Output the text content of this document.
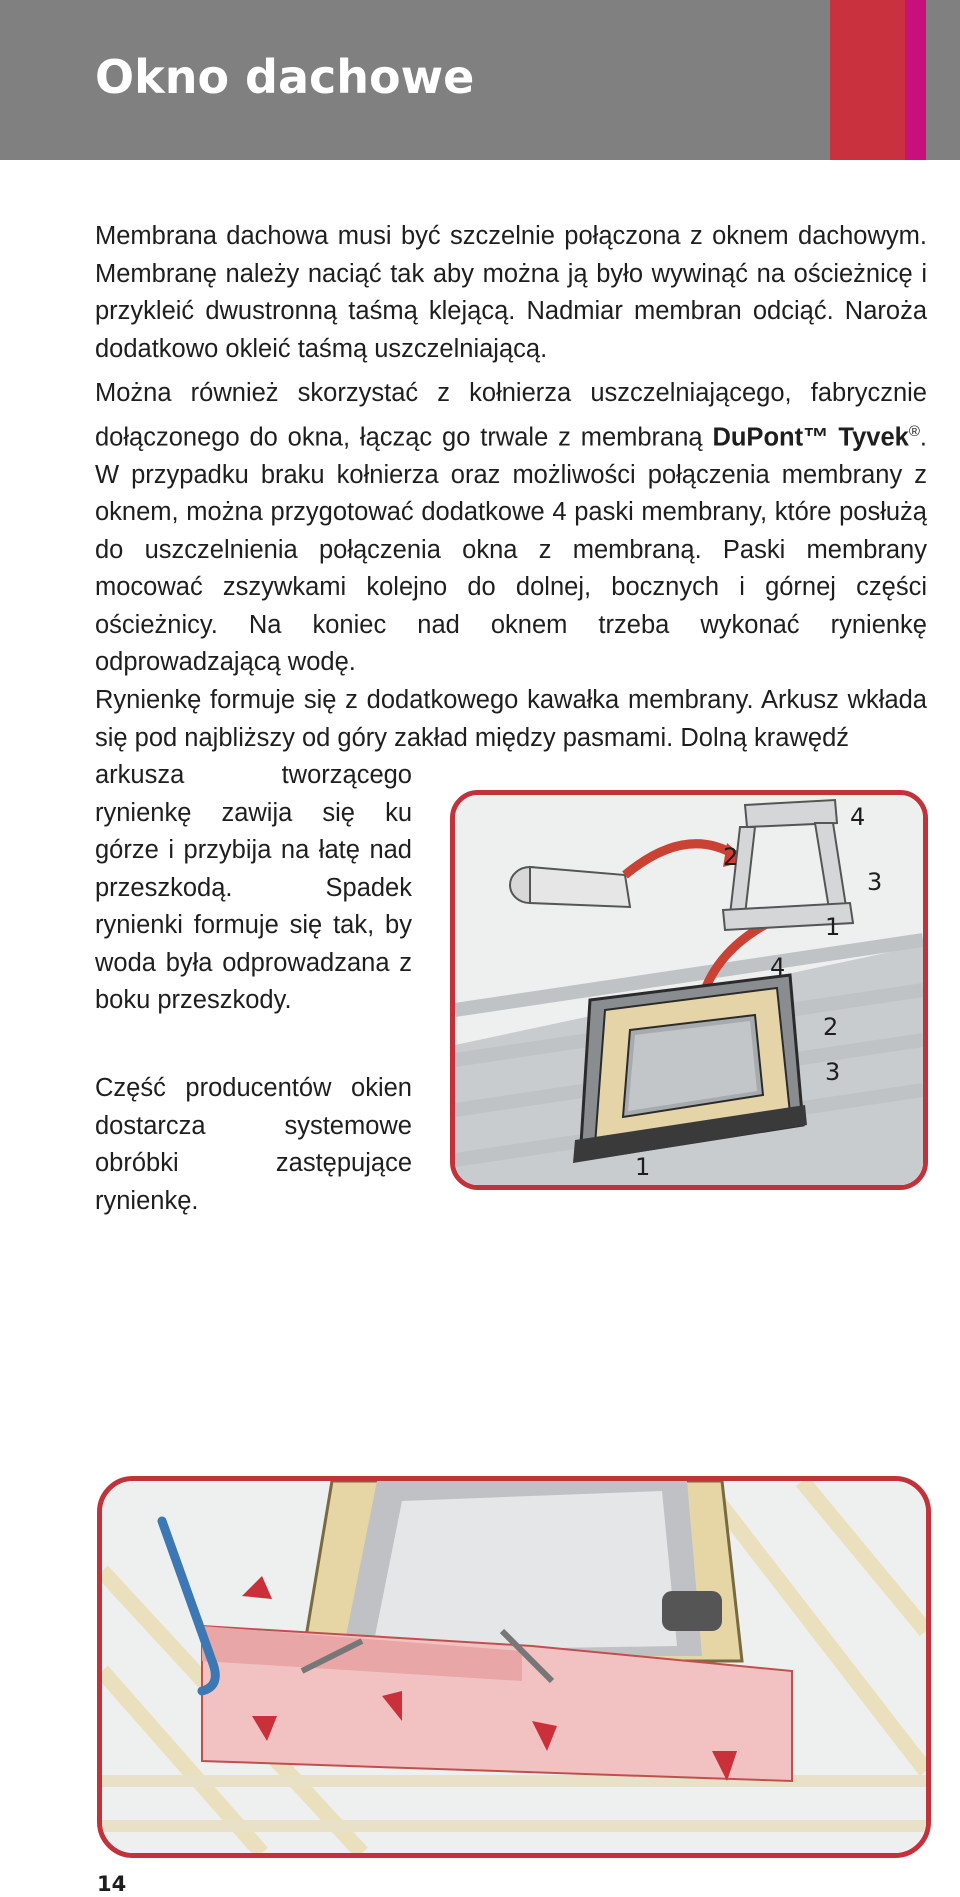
Okno dachowe

Membrana dachowa musi być szczelnie połączona z oknem dachowym. Membranę należy naciąć tak aby można ją było wywinąć na ościeżnicę i przykleić dwustronną taśmą klejącą. Nadmiar membran odciąć. Naroża dodatkowo okleić taśmą uszczelniającą.

Można również skorzystać z kołnierza uszczelniającego, fabrycznie dołączonego do okna, łącząc go trwale z membraną DuPont™ Tyvek®. W przypadku braku kołnierza oraz możliwości połączenia membrany z oknem, można przygotować dodatkowe 4 paski membrany, które posłużą do uszczelnienia połączenia okna z membraną. Paski membrany mocować zszywkami kolejno do dolnej, bocznych i górnej części ościeżnicy. Na koniec nad oknem trzeba wykonać rynienkę odprowadzającą wodę.

Rynienkę formuje się z dodatkowego kawałka membrany. Arkusz wkłada się pod najbliższy od góry zakład między pasmami. Dolną krawędź

arkusza tworzącego rynienkę zawija się ku górze i przybija na łatę nad przeszkodą. Spadek rynienki formuje się tak, by woda była odprowadzana z boku przeszkody.

Część producentów okien dostarcza systemowe obróbki zastępujące rynienkę.

4
2
3
1
4
2
3
1
14
